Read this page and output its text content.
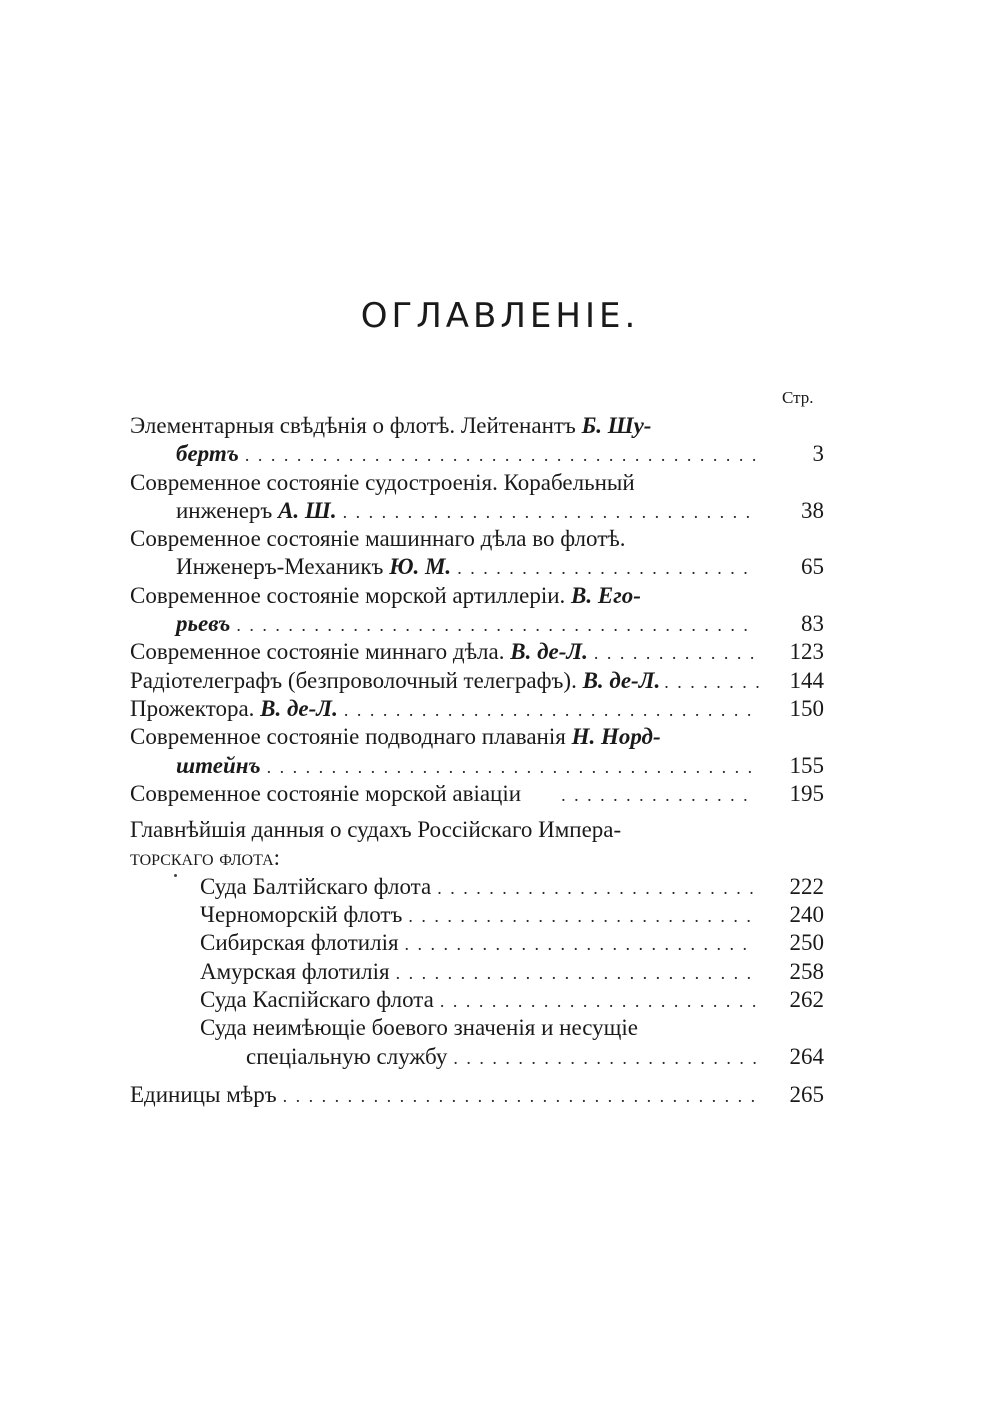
ОГЛАВЛЕНІЕ.
Стр.
Элементарныя свѣдѣнія о флотѣ. Лейтенантъ Б. Шу-
бертъ . . .	3
Современное состояніе судостроенія. Корабельный
инженеръ А. Ш. . . .	38
Современное состояніе машиннаго дѣла во флотѣ.
Инженеръ-Механикъ Ю. М. . . .	65
Современное состояніе морской артиллеріи. В. Его-
рьевъ . . .	83
Современное состояніе миннаго дѣла. В. де-Л. . . .	123
Радіотелеграфъ (безпроволочный телеграфъ). В. де-Л. . . .	144
Прожектора. В. де-Л. . . .	150
Современное состояніе подводнаго плаванія Н. Норд-
штейнъ . . .	155
Современное состояніе морской авіаціи . . .	195
Главнѣйшія данныя о судахъ Россійскаго Импера-
торскаго флота:
Суда Балтійскаго флота . . .	222
Черноморскій флотъ . . .	240
Сибирская флотилія . . .	250
Амурская флотилія . . .	258
Суда Каспійскаго флота . . .	262
Суда неимѣющіе боевого значенія и несущіе
спеціальную службу . . .	264
Единицы мѣръ . . .	265
